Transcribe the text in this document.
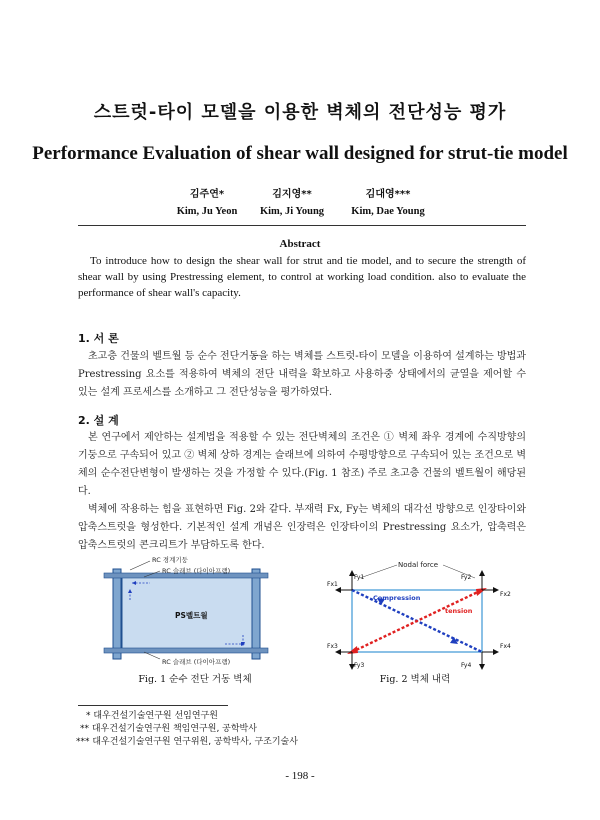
스트럿-타이 모델을 이용한 벽체의 전단성능 평가
Performance Evaluation of shear wall designed for strut-tie model
김주연*
Kim, Ju Yeon
김지영**
Kim, Ji Young
김대영***
Kim, Dae Young
Abstract
To introduce how to design the shear wall for strut and tie model, and to secure the strength of shear wall by using Prestressing element, to control at working load condition. also to evaluate the performance of shear wall's capacity.
1. 서 론

초고층 건물의 벨트월 등 순수 전단거동을 하는 벽체를 스트럿-타이 모델을 이용하여 설계하는 방법과 Prestressing 요소를 적용하여 벽체의 전단 내력을 확보하고 사용하중 상태에서의 균열을 제어할 수 있는 설계 프로세스를 소개하고 그 전단성능을 평가하였다.

2. 설 계

본 연구에서 제안하는 설계법을 적용할 수 있는 전단벽체의 조건은 ① 벽체 좌우 경계에 수직방향의 기둥으로 구속되어 있고 ② 벽체 상하 경계는 슬래브에 의하여 수평방향으로 구속되어 있는 조건으로 벽체의 순수전단변형이 발생하는 것을 가정할 수 있다.(Fig. 1 참조) 주로 초고층 건물의 벨트월이 해당된다.

벽체에 작용하는 힘을 표현하면 Fig. 2와 같다. 부재력 Fx, Fy는 벽체의 대각선 방향으로 인장타이와 압축스트럿을 형성한다. 기본적인 설계 개념은 인장력은 인장타이의 Prestressing 요소가, 압축력은 압축스트럿의 콘크리트가 부담하도록 한다.

RC 경계기둥
RC 슬래브 (다이아프램)
PS벨트월
RC 슬래브 (다이아프램)
Fig. 1 순수 전단 거동 벽체
Nodal force
Compression
tension
Fy1	Fy2
Fy3	Fy4
Fx1
Fx2
Fx3	Fx4
Fig. 2 벽체 내력
* 대우건설기술연구원 선임연구원
** 대우건설기술연구원 책임연구원, 공학박사
*** 대우건설기술연구원 연구위원, 공학박사, 구조기술사
- 198 -
